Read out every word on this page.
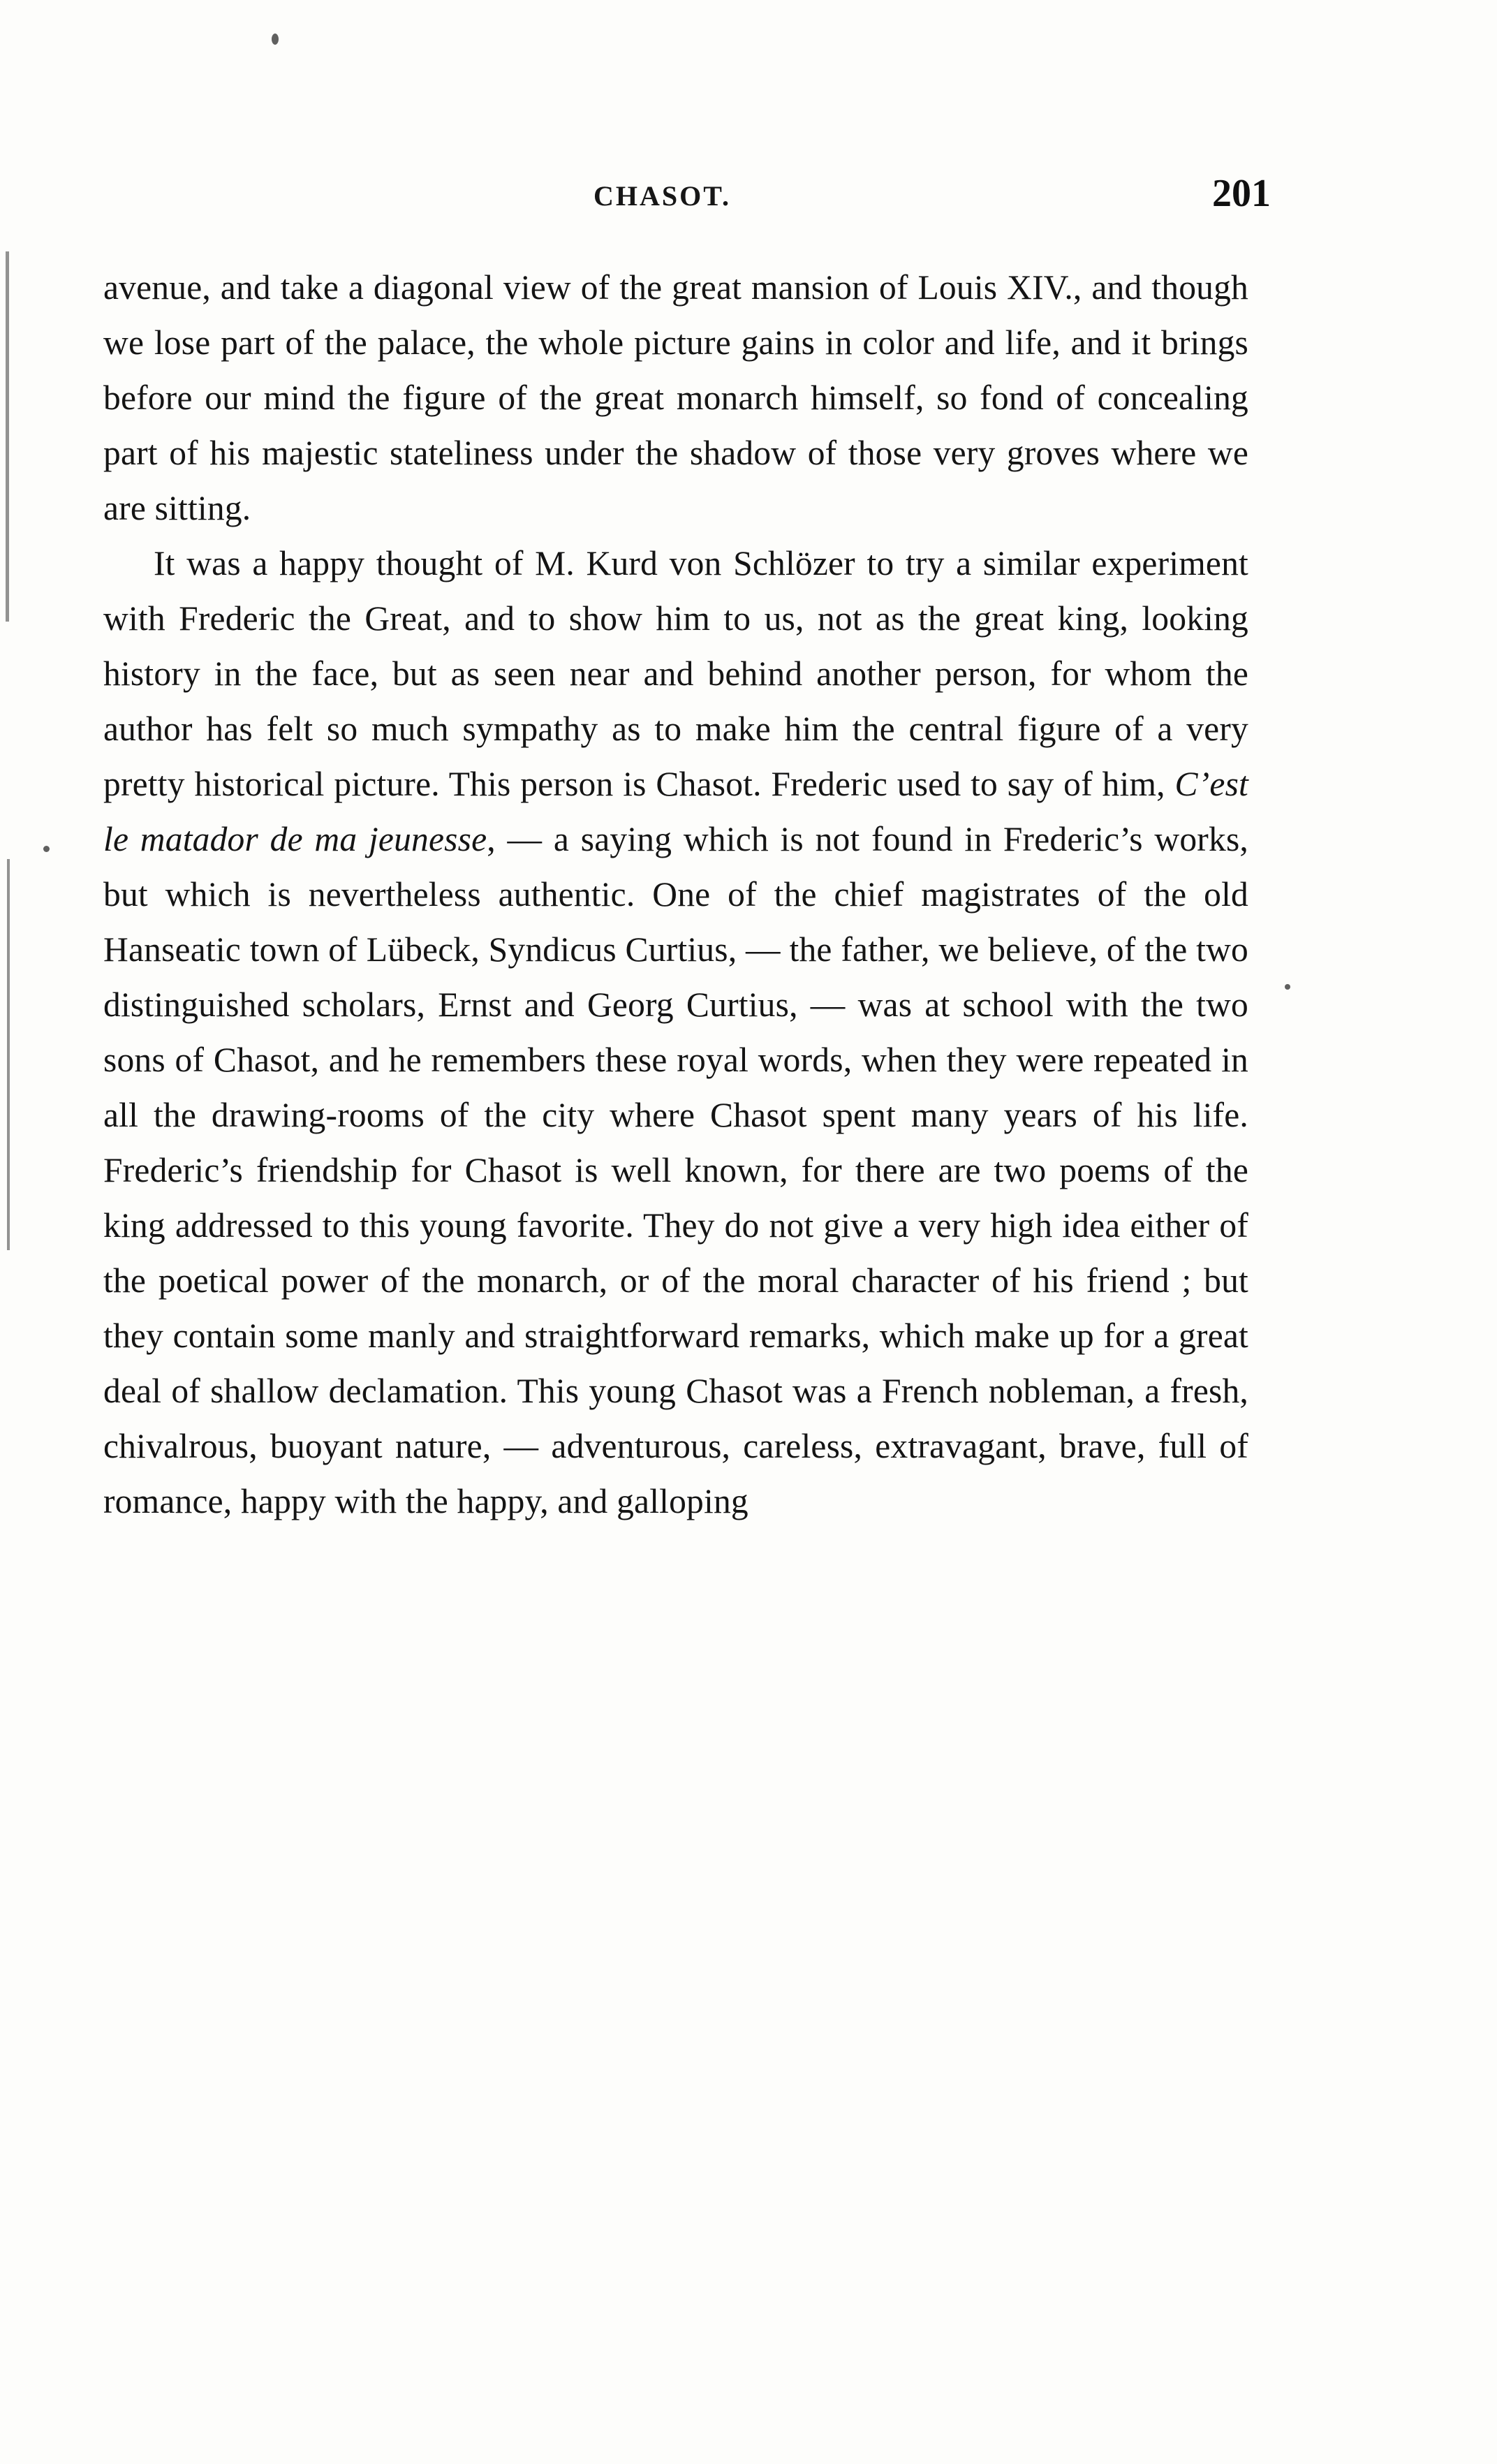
CHASOT.	201

avenue, and take a diagonal view of the great mansion of Louis XIV., and though we lose part of the palace, the whole picture gains in color and life, and it brings before our mind the figure of the great monarch himself, so fond of concealing part of his majestic stateliness under the shadow of those very groves where we are sitting.

It was a happy thought of M. Kurd von Schlözer to try a similar experiment with Frederic the Great, and to show him to us, not as the great king, looking history in the face, but as seen near and behind another person, for whom the author has felt so much sympathy as to make him the central figure of a very pretty historical picture. This person is Chasot. Frederic used to say of him, C’est le matador de ma jeunesse, — a saying which is not found in Frederic’s works, but which is nevertheless authentic. One of the chief magistrates of the old Hanseatic town of Lübeck, Syndicus Curtius, — the father, we believe, of the two distinguished scholars, Ernst and Georg Curtius, — was at school with the two sons of Chasot, and he remembers these royal words, when they were repeated in all the drawing-rooms of the city where Chasot spent many years of his life. Frederic’s friendship for Chasot is well known, for there are two poems of the king addressed to this young favorite. They do not give a very high idea either of the poetical power of the monarch, or of the moral character of his friend ; but they contain some manly and straightforward remarks, which make up for a great deal of shallow declamation. This young Chasot was a French nobleman, a fresh, chivalrous, buoyant nature, — adventurous, careless, extravagant, brave, full of romance, happy with the happy, and galloping
